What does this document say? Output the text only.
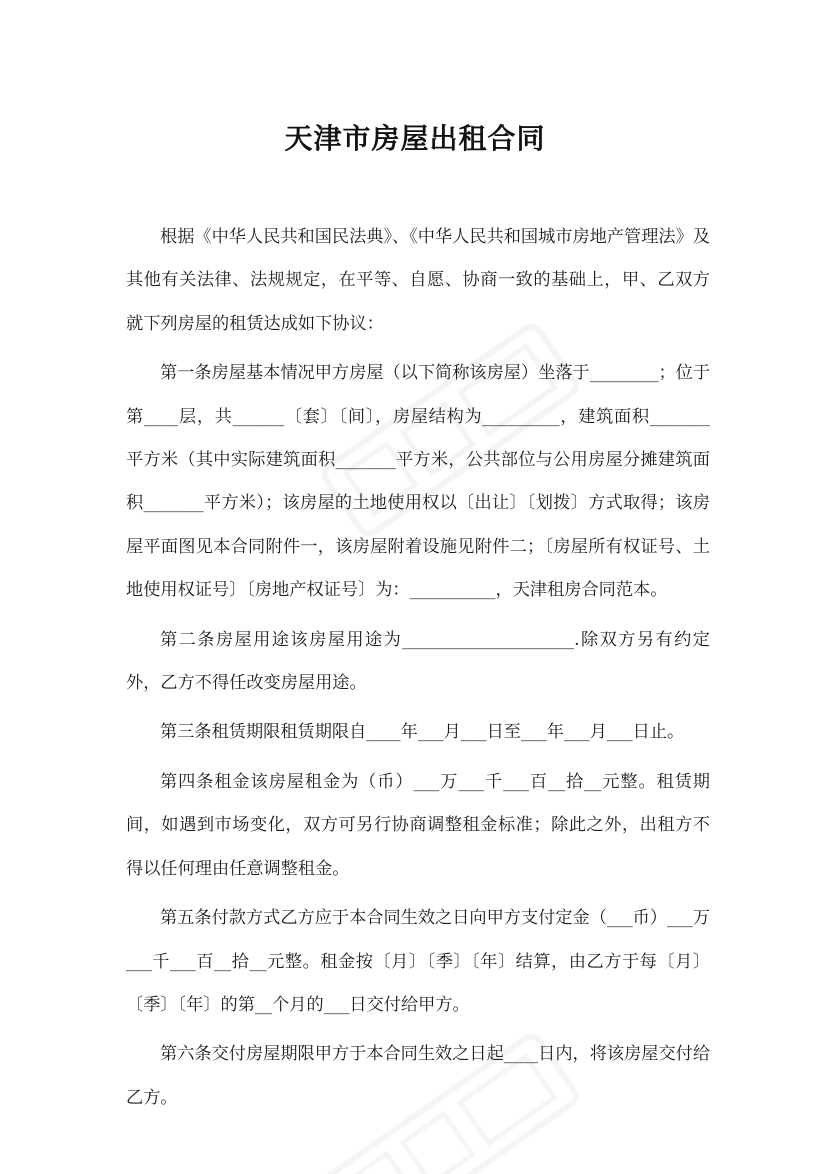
天津市房屋出租合同

根据《中华人民共和国民法典》、《中华人民共和国城市房地产管理法》及其他有关法律、法规规定，在平等、自愿、协商一致的基础上，甲、乙双方就下列房屋的租赁达成如下协议：

第一条房屋基本情况甲方房屋（以下简称该房屋）坐落于________；位于第____层，共______〔套〕〔间〕，房屋结构为_________，建筑面积_______平方米（其中实际建筑面积_______平方米，公共部位与公用房屋分摊建筑面积_______平方米）；该房屋的土地使用权以〔出让〕〔划拨〕方式取得；该房屋平面图见本合同附件一，该房屋附着设施见附件二；〔房屋所有权证号、土地使用权证号〕〔房地产权证号〕为：__________，天津租房合同范本。

第二条房屋用途该房屋用途为____________________.除双方另有约定外，乙方不得任改变房屋用途。

第三条租赁期限租赁期限自____年___月___日至___年___月___日止。

第四条租金该房屋租金为（币）___万___千___百__拾__元整。租赁期间，如遇到市场变化，双方可另行协商调整租金标准；除此之外，出租方不得以任何理由任意调整租金。

第五条付款方式乙方应于本合同生效之日向甲方支付定金（___币）___万___千___百__拾__元整。租金按〔月〕〔季〕〔年〕结算，由乙方于每〔月〕〔季〕〔年〕的第__个月的___日交付给甲方。

第六条交付房屋期限甲方于本合同生效之日起____日内，将该房屋交付给乙方。
